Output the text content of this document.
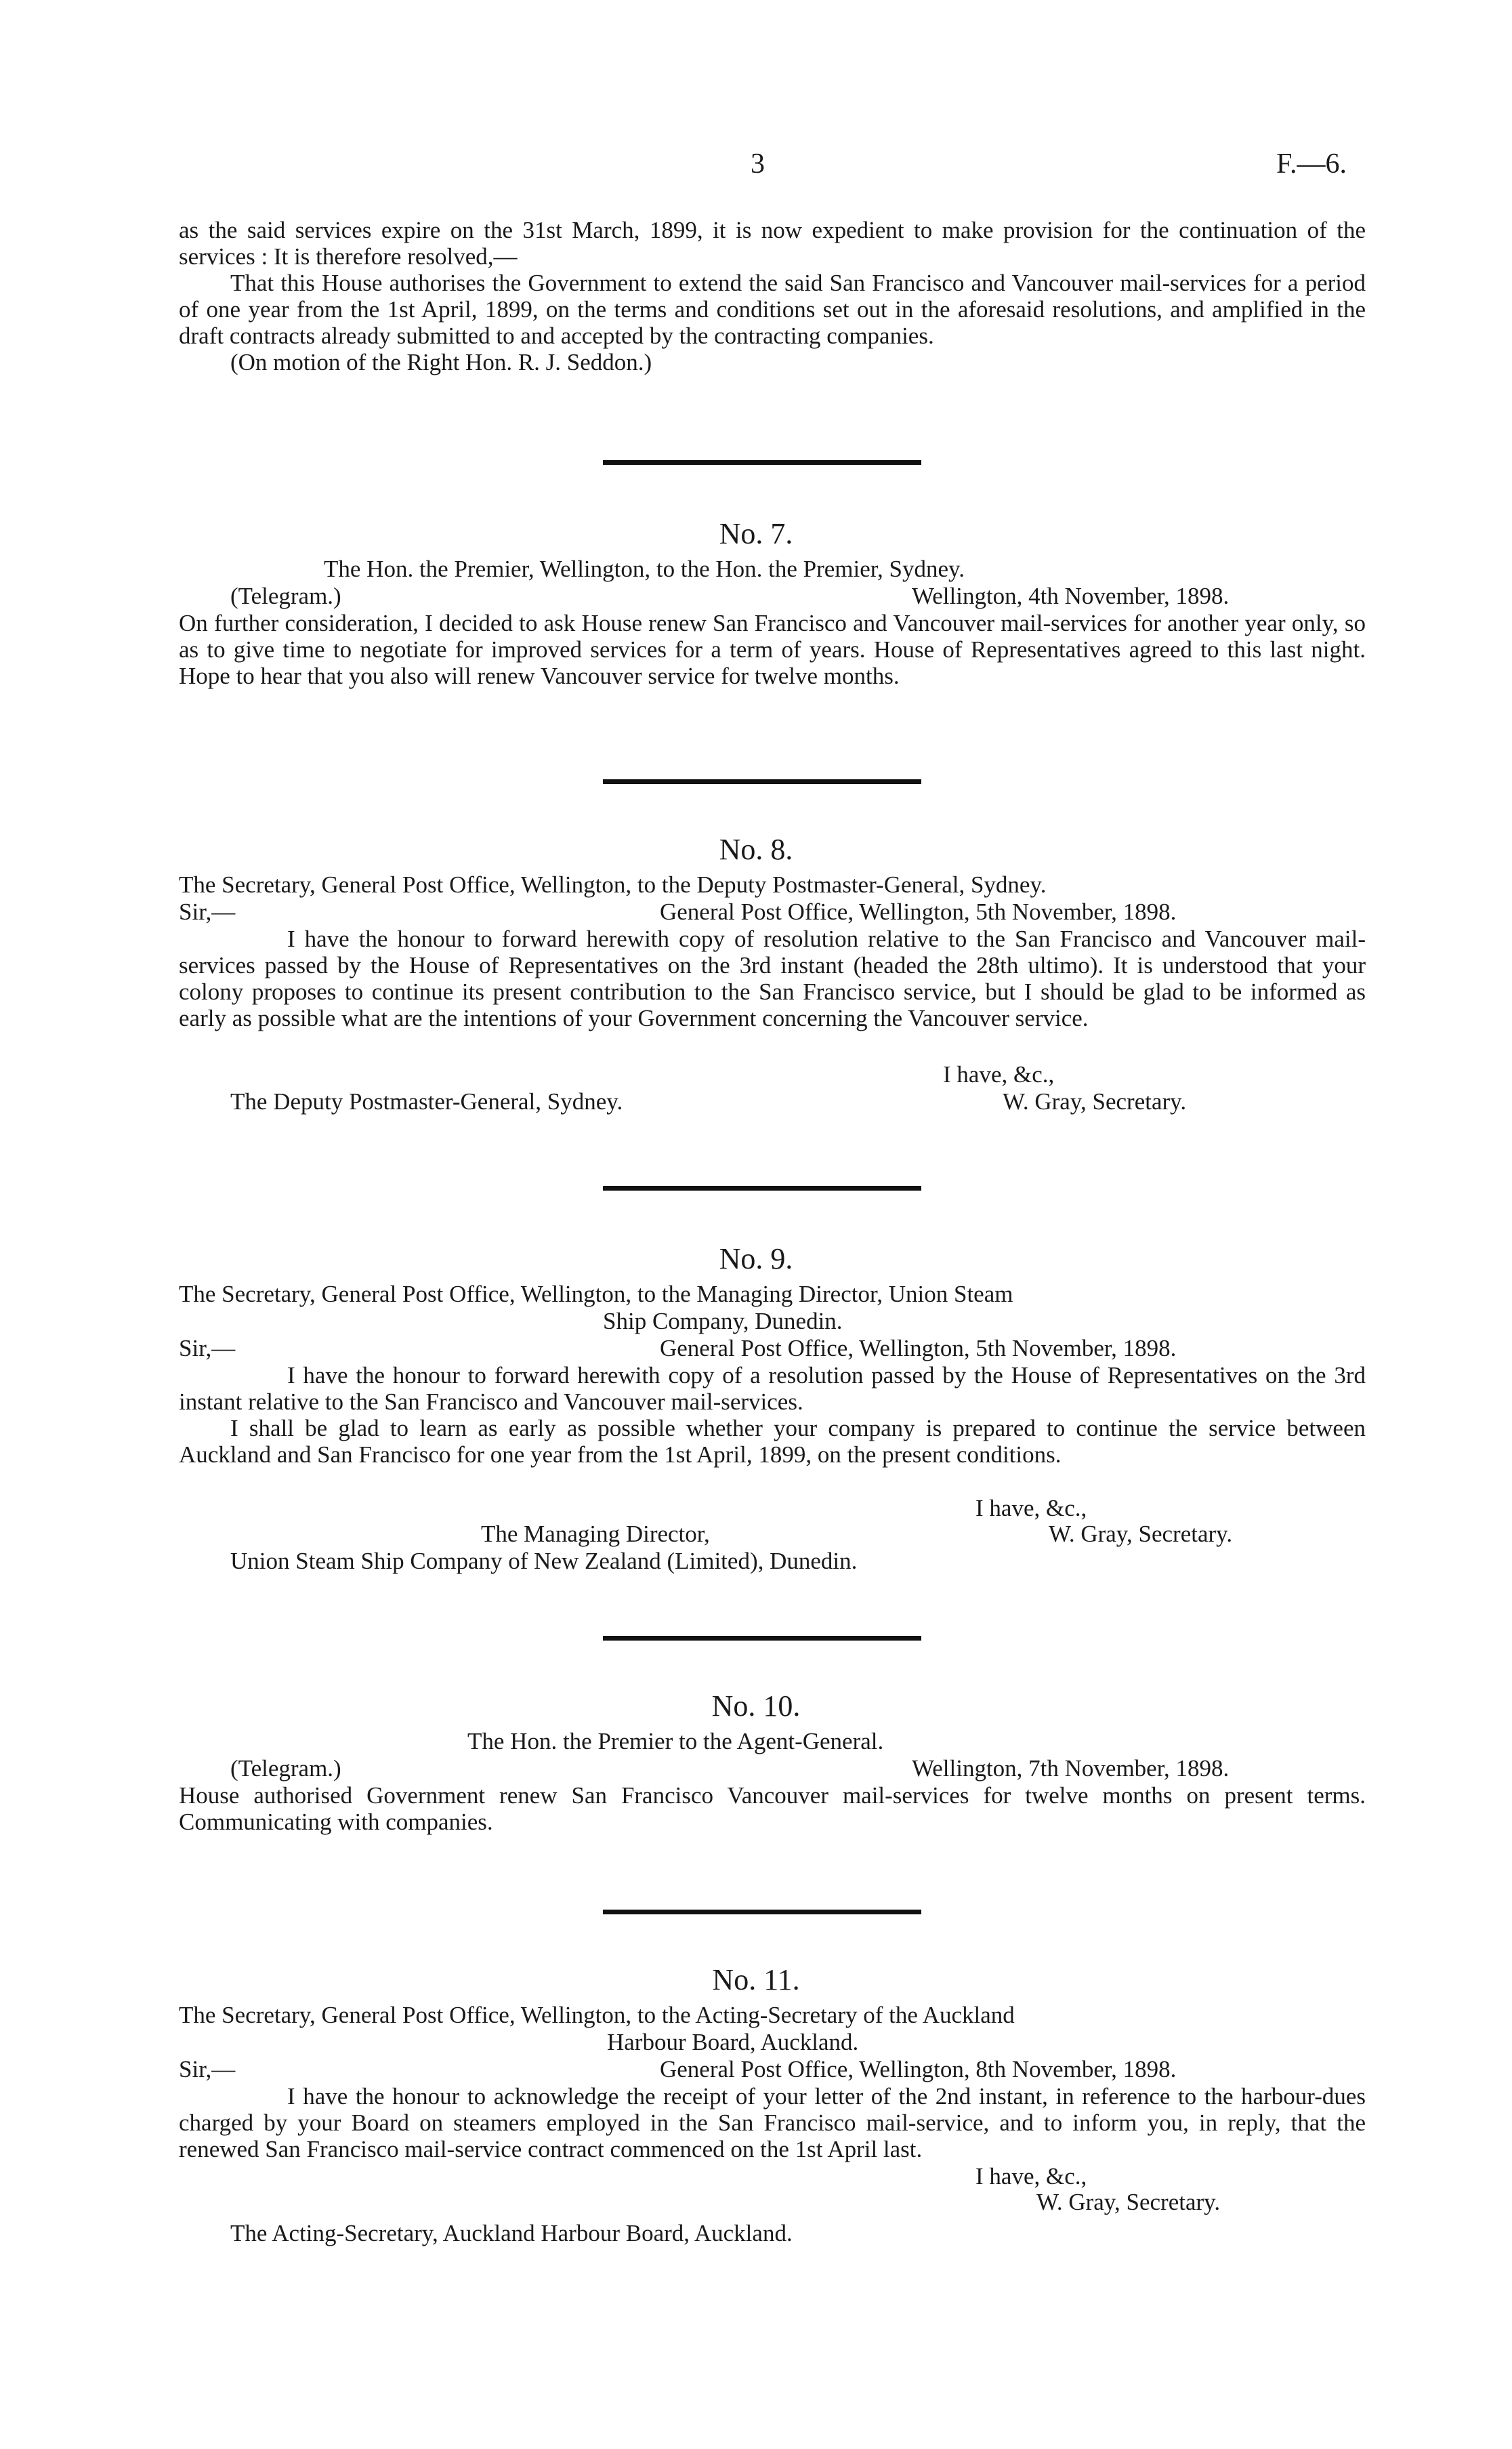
3	F.—6.

as the said services expire on the 31st March, 1899, it is now expedient to make provision for the continuation of the services : It is therefore resolved,—

That this House authorises the Government to extend the said San Francisco and Vancouver mail-services for a period of one year from the 1st April, 1899, on the terms and conditions set out in the aforesaid resolutions, and amplified in the draft contracts already submitted to and accepted by the contracting companies.

(On motion of the Right Hon. R. J. Seddon.)

No. 7.
The Hon. the Premier, Wellington, to the Hon. the Premier, Sydney.
(Telegram.)	Wellington, 4th November, 1898.

On further consideration, I decided to ask House renew San Francisco and Vancouver mail-services for another year only, so as to give time to negotiate for improved services for a term of years. House of Representatives agreed to this last night. Hope to hear that you also will renew Vancouver service for twelve months.

No. 8.
The Secretary, General Post Office, Wellington, to the Deputy Postmaster-General, Sydney.
Sir,—	General Post Office, Wellington, 5th November, 1898.

I have the honour to forward herewith copy of resolution relative to the San Francisco and Vancouver mail-services passed by the House of Representatives on the 3rd instant (headed the 28th ultimo). It is understood that your colony proposes to continue its present contribution to the San Francisco service, but I should be glad to be informed as early as possible what are the intentions of your Government concerning the Vancouver service.

I have, &c.,
The Deputy Postmaster-General, Sydney.	W. Gray, Secretary.
No. 9.
The Secretary, General Post Office, Wellington, to the Managing Director, Union Steam
Ship Company, Dunedin.
Sir,—	General Post Office, Wellington, 5th November, 1898.

I have the honour to forward herewith copy of a resolution passed by the House of Representatives on the 3rd instant relative to the San Francisco and Vancouver mail-services.

I shall be glad to learn as early as possible whether your company is prepared to continue the service between Auckland and San Francisco for one year from the 1st April, 1899, on the present conditions.

I have, &c.,
The Managing Director,	W. Gray, Secretary.
Union Steam Ship Company of New Zealand (Limited), Dunedin.
No. 10.
The Hon. the Premier to the Agent-General.
(Telegram.)	Wellington, 7th November, 1898.

House authorised Government renew San Francisco Vancouver mail-services for twelve months on present terms. Communicating with companies.

No. 11.
The Secretary, General Post Office, Wellington, to the Acting-Secretary of the Auckland
Harbour Board, Auckland.
Sir,—	General Post Office, Wellington, 8th November, 1898.

I have the honour to acknowledge the receipt of your letter of the 2nd instant, in reference to the harbour-dues charged by your Board on steamers employed in the San Francisco mail-service, and to inform you, in reply, that the renewed San Francisco mail-service contract commenced on the 1st April last.

I have, &c.,
W. Gray, Secretary.
The Acting-Secretary, Auckland Harbour Board, Auckland.
